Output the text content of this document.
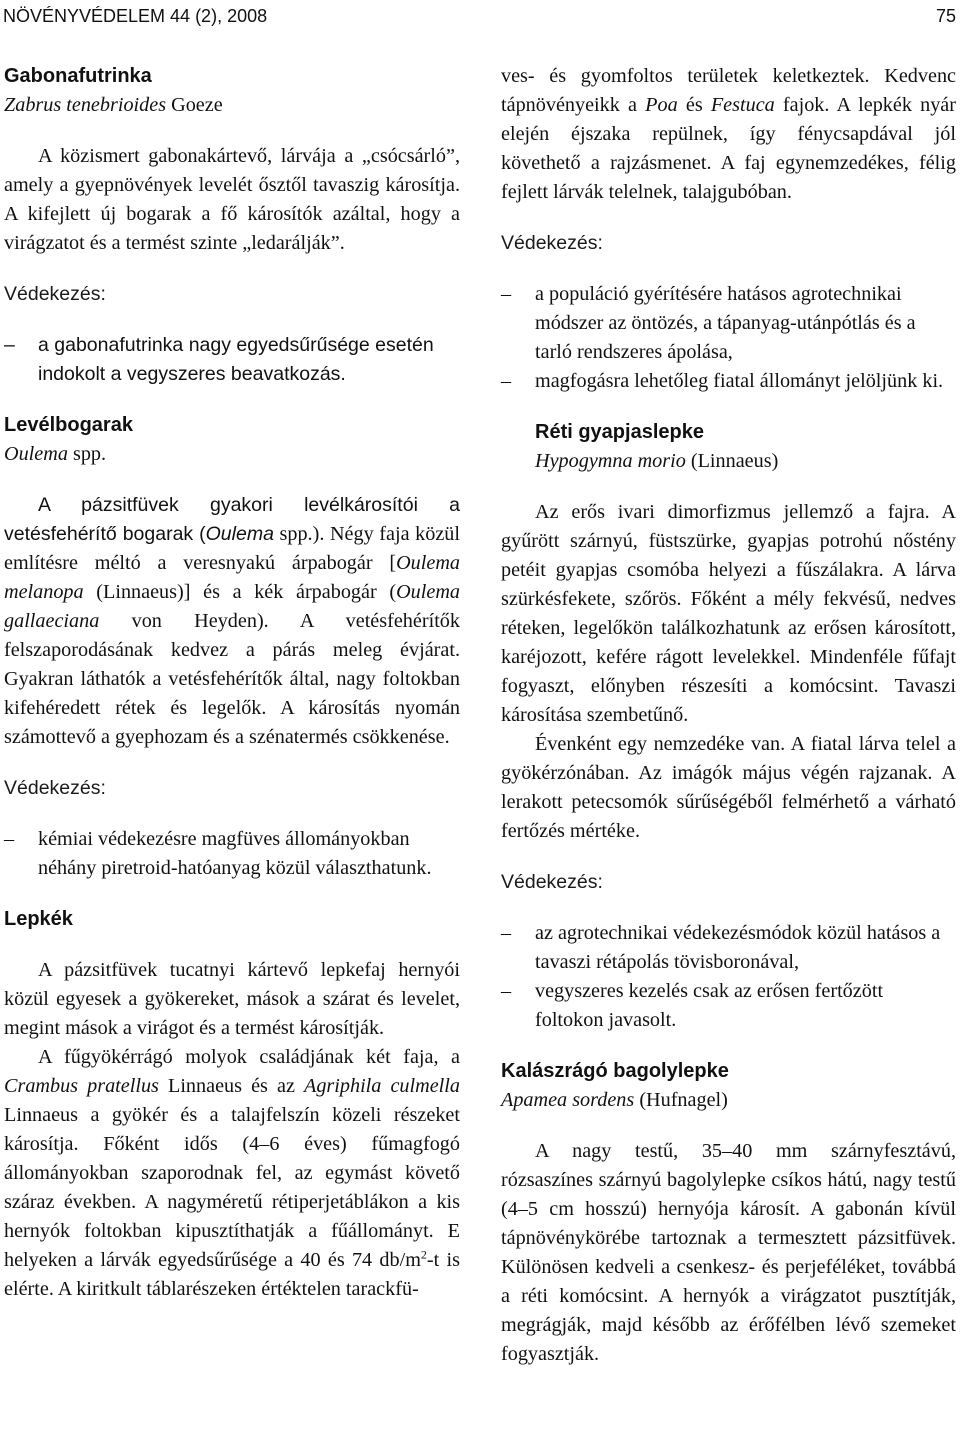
NÖVÉNYVÉDELEM 44 (2), 2008	75
Gabonafutrinka
Zabrus tenebrioides Goeze

A közismert gabonakártevő, lárvája a „csócsárló”, amely a gyepnövények levelét ősztől tavaszig károsítja. A kifejlett új bogarak a fő károsítók azáltal, hogy a virágzatot és a termést szinte „ledarálják”.

Védekezés:
–	a gabonafutrinka nagy egyedsűrűsége esetén indokolt a vegyszeres beavatkozás.
Levélbogarak
Oulema spp.

A pázsitfüvek gyakori levélkárosítói a vetésfehérítő bogarak (Oulema spp.). Négy faja közül említésre méltó a veresnyakú árpabogár [Oulema melanopa (Linnaeus)] és a kék árpabogár (Oulema gallaeciana von Heyden). A vetésfehérítők felszaporodásának kedvez a párás meleg évjárat. Gyakran láthatók a vetésfehérítők által, nagy foltokban kifehéredett rétek és legelők. A károsítás nyomán számottevő a gyephozam és a szénatermés csökkenése.

Védekezés:
–	kémiai védekezésre magfüves állományokban néhány piretroid-hatóanyag közül választhatunk.
Lepkék

A pázsitfüvek tucatnyi kártevő lepkefaj hernyói közül egyesek a gyökereket, mások a szárat és levelet, megint mások a virágot és a termést károsítják.

A fűgyökérrágó molyok családjának két faja, a Crambus pratellus Linnaeus és az Agriphila culmella Linnaeus a gyökér és a talajfelszín közeli részeket károsítja. Főként idős (4–6 éves) fűmagfogó állományokban szaporodnak fel, az egymást követő száraz években. A nagyméretű rétiperjetáblákon a kis hernyók foltokban kipusztíthatják a fűállományt. E helyeken a lárvák egyedsűrűsége a 40 és 74 $db/m^2-t$ is elérte. A kiritkult táblarészeken értéktelen tarackfü-

ves- és gyomfoltos területek keletkeztek. Kedvenc tápnövényeikk a Poa és Festuca fajok. A lepkék nyár elején éjszaka repülnek, így fénycsapdával jól követhető a rajzásmenet. A faj egynemzedékes, félig fejlett lárvák telelnek, talajgubóban.

Védekezés:
–	a populáció gyérítésére hatásos agrotechnikai módszer az öntözés, a tápanyag-utánpótlás és a tarló rendszeres ápolása,
–	magfogásra lehetőleg fiatal állományt jelöljünk ki.
Réti gyapjaslepke
Hypogymna morio (Linnaeus)

Az erős ivari dimorfizmus jellemző a fajra. A gyűrött szárnyú, füstszürke, gyapjas potrohú nőstény petéit gyapjas csomóba helyezi a fűszálakra. A lárva szürkésfekete, szőrös. Főként a mély fekvésű, nedves réteken, legelőkön találkozhatunk az erősen károsított, karéjozott, kefére rágott levelekkel. Mindenféle fűfajt fogyaszt, előnyben részesíti a komócsint. Tavaszi károsítása szembetűnő.

Évenként egy nemzedéke van. A fiatal lárva telel a gyökérzónában. Az imágók május végén rajzanak. A lerakott petecsomók sűrűségéből felmérhető a várható fertőzés mértéke.

Védekezés:
–	az agrotechnikai védekezésmódok közül hatásos a tavaszi rétápolás tövisboronával,
–	vegyszeres kezelés csak az erősen fertőzött foltokon javasolt.
Kalászrágó bagolylepke
Apamea sordens (Hufnagel)

A nagy testű, 35–40 mm szárnyfesztávú, rózsaszínes szárnyú bagolylepke csíkos hátú, nagy testű (4–5 cm hosszú) hernyója károsít. A gabonán kívül tápnövénykörébe tartoznak a termesztett pázsitfüvek. Különösen kedveli a csenkesz- és perjeféléket, továbbá a réti komócsint. A hernyók a virágzatot pusztítják, megrágják, majd később az érőfélben lévő szemeket fogyasztják.
